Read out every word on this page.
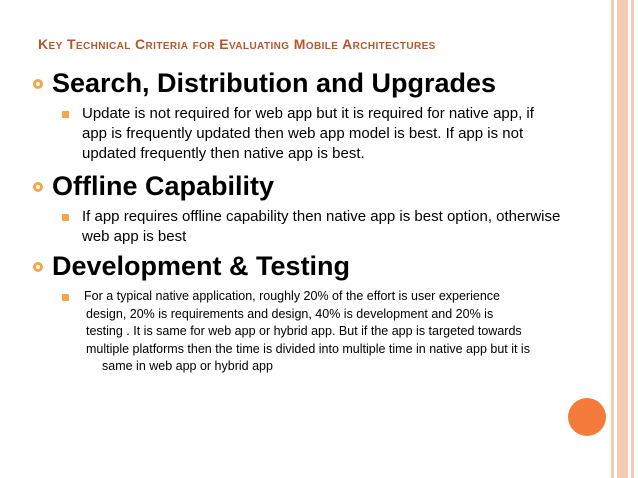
Key Technical Criteria for Evaluating Mobile Architectures
Search, Distribution and Upgrades
Update is not required for web app but it is required for native app, if app is frequently updated then web app model is best. If app is not updated frequently then native app is best.
Offline Capability
If app requires offline capability then native app is best option, otherwise web app is best
Development & Testing
For a typical native application, roughly 20% of the effort is user experience
design, 20% is requirements and design, 40% is development and 20% is
testing . It is same for web app or hybrid app. But if the app is targeted towards
multiple platforms then the time is divided into multiple time in native app but it is
same in web app or hybrid app
